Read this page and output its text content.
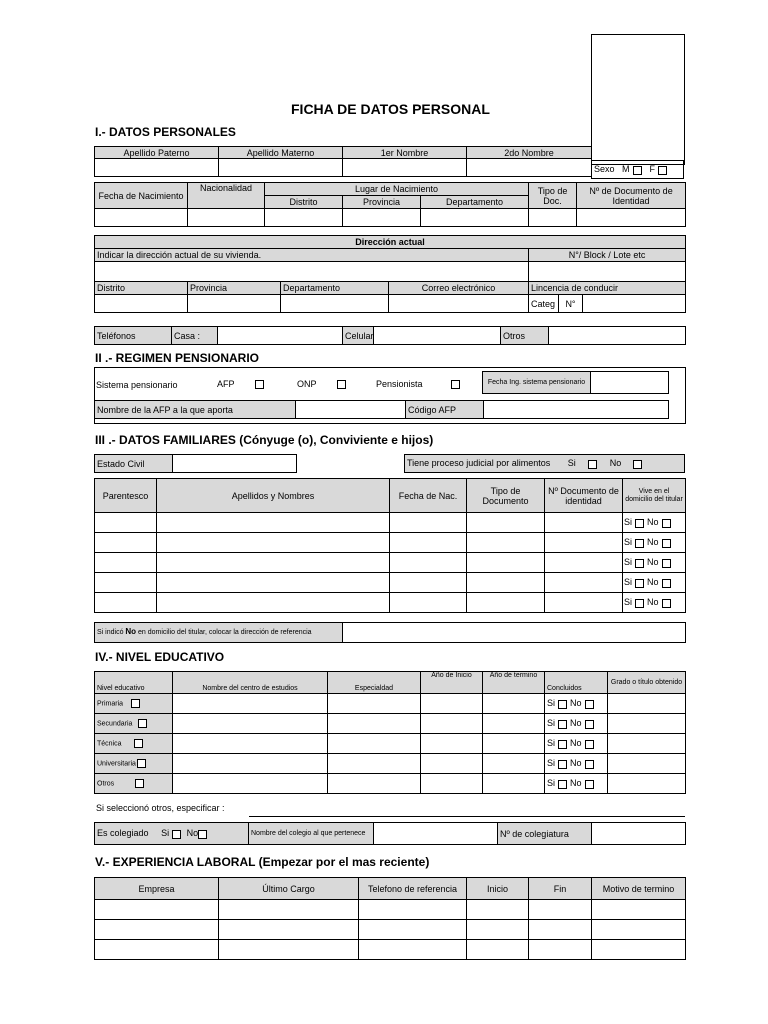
FICHA DE DATOS PERSONAL
I.- DATOS PERSONALES
Apellido Paterno	Apellido Materno	1er Nombre	2do Nombre

Sexo M F
Fecha de Nacimiento	Nacionalidad	Lugar de Nacimiento			Tipo de Doc.	Nº de Documento de Identidad
		Distrito	Provincia	Departamento		

Dirección actual						
Indicar la dirección actual de su vivienda.				N°/ Block / Lote etc		

Distrito	Provincia	Departamento	Correo electrónico	Lincencia de conducir		
				Categ	N°	
Teléfonos	Casa :		Celular		Otros	
II .- REGIMEN PENSIONARIO
Sistema pensionario	AFP	ONP	Pensionista	Fecha Ing. sistema pensionario	
Nombre de la AFP a la que aporta		Código AFP	
III .- DATOS FAMILIARES (Cónyuge (o), Conviviente e hijos)
Estado Civil		Tiene proceso judicial por alimentos Si	No
Parentesco	Apellidos y Nombres	Fecha de Nac.	Tipo de Documento	Nº Documento de identidad	Vive en el domicilio del titular
					Si No
					Si No
					Si No
					Si No
					Si No
Si indicó No en domicilio del titular, colocar la dirección de referencia	
IV.- NIVEL EDUCATIVO
Nivel educativo	Nombre del centro de estudios	Especialdad	Año de Inicio	Año de termino	Concluidos	Grado o título obtenido
Primaria					Si No	
Secundaria					Si No	
Técnica					Si No	
Universitaria					Si No	
Otros					Si No	
Si seleccionó otros, especificar :
Es colegiado Si No	Nombre del colegio al que pertenece		Nº de colegiatura	
V.- EXPERIENCIA LABORAL (Empezar por el mas reciente)
Empresa	Último Cargo	Telefono de referencia	Inicio	Fin	Motivo de termino
